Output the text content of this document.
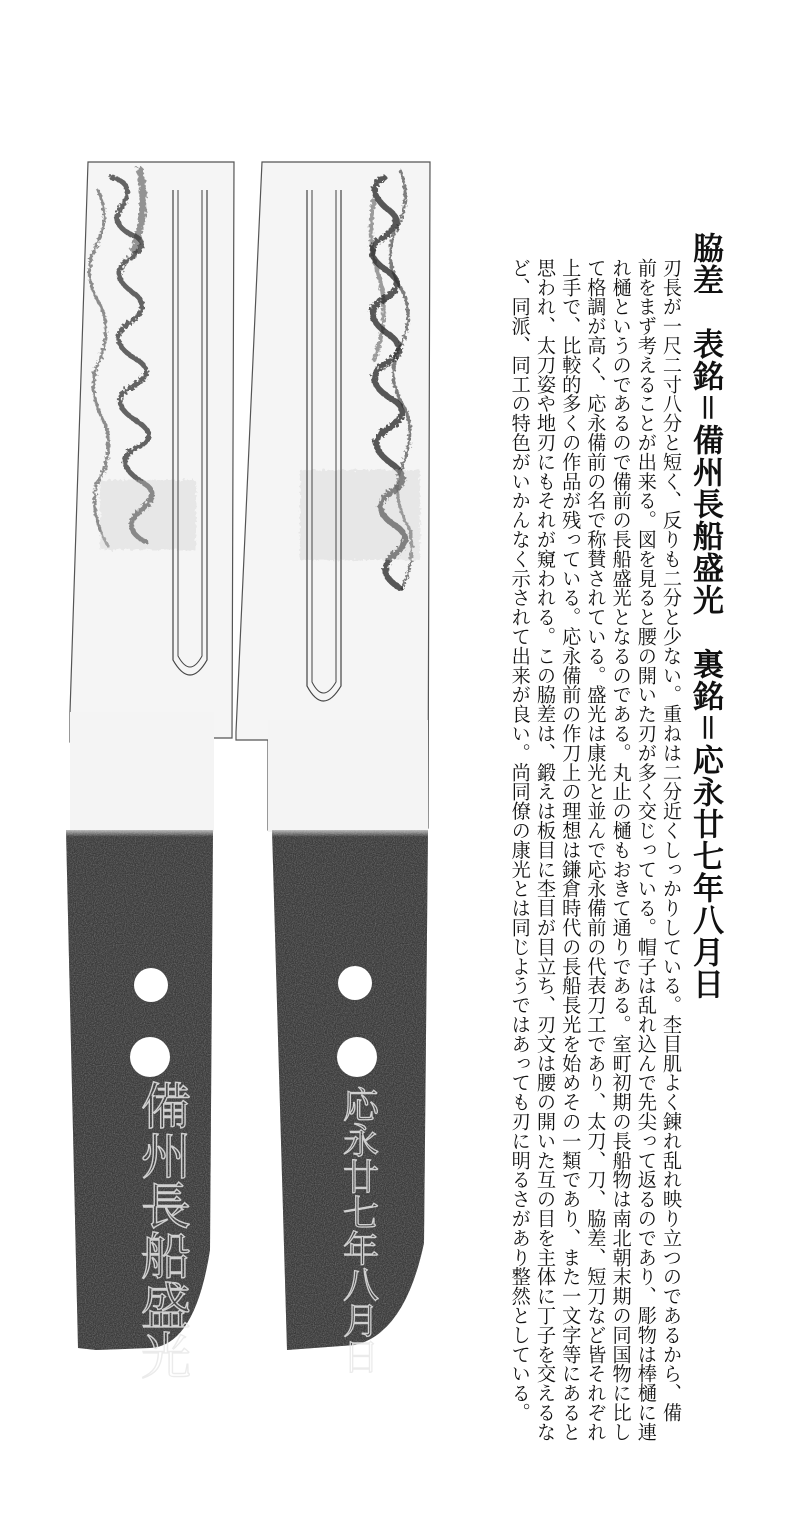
備州長船盛光	応永廿七年八月日
脇差　表銘＝備州長船盛光　裏銘＝応永廿七年八月日
刃長が一尺二寸八分と短く、反りも二分と少ない。重ねは二分近くしっかりしている。杢目肌よく錬れ乱れ映り立つのであるから、備
前をまず考えることが出来る。図を見ると腰の開いた刃が多く交じっている。帽子は乱れ込んで先尖って返るのであり、彫物は棒樋に連
れ樋というのであるので備前の長船盛光となるのである。丸止の樋もおきて通りである。室町初期の長船物は南北朝末期の同国物に比し
て格調が高く、応永備前の名で称賛されている。盛光は康光と並んで応永備前の代表刀工であり、太刀、刀、脇差、短刀など皆それぞれ
上手で、比較的多くの作品が残っている。応永備前の作刀上の理想は鎌倉時代の長船長光を始めその一類であり、また一文字等にあると
思われ、太刀姿や地刃にもそれが窺われる。この脇差は、鍛えは板目に杢目が目立ち、刃文は腰の開いた互の目を主体に丁子を交えるな
ど、同派、同工の特色がいかんなく示されて出来が良い。尚同僚の康光とは同じようではあっても刃に明るさがあり整然としている。
